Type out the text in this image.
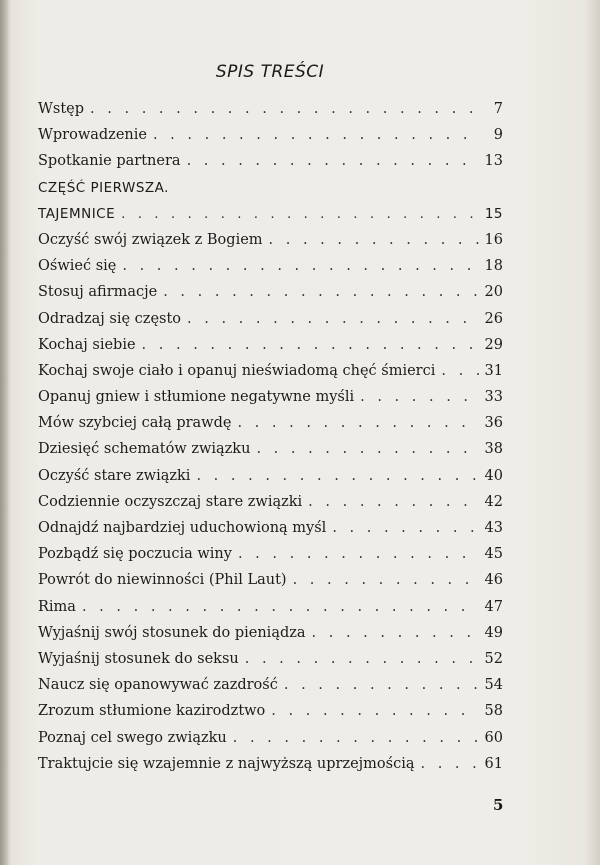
SPIS TREŚCI
Wstęp . . .	7
Wprowadzenie . . .	9
Spotkanie partnera . . .	13
CZĘŚĆ PIERWSZA.
TAJEMNICE . . .	15
Oczyść swój związek z Bogiem . . .	16
Oświeć się . . .	18
Stosuj afirmacje . . .	20
Odradzaj się często . . .	26
Kochaj siebie . . .	29
Kochaj swoje ciało i opanuj nieświadomą chęć śmierci . . .	31
Opanuj gniew i stłumione negatywne myśli . . .	33
Mów szybciej całą prawdę . . .	36
Dziesięć schematów związku . . .	38
Oczyść stare związki . . .	40
Codziennie oczyszczaj stare związki . . .	42
Odnajdź najbardziej uduchowioną myśl . . .	43
Pozbądź się poczucia winy . . .	45
Powrót do niewinności (Phil Laut) . . .	46
Rima . . .	47
Wyjaśnij swój stosunek do pieniądza . . .	49
Wyjaśnij stosunek do seksu . . .	52
Naucz się opanowywać zazdrość . . .	54
Zrozum stłumione kazirodztwo . . .	58
Poznaj cel swego związku . . .	60
Traktujcie się wzajemnie z najwyższą uprzejmością . . .	61
5
